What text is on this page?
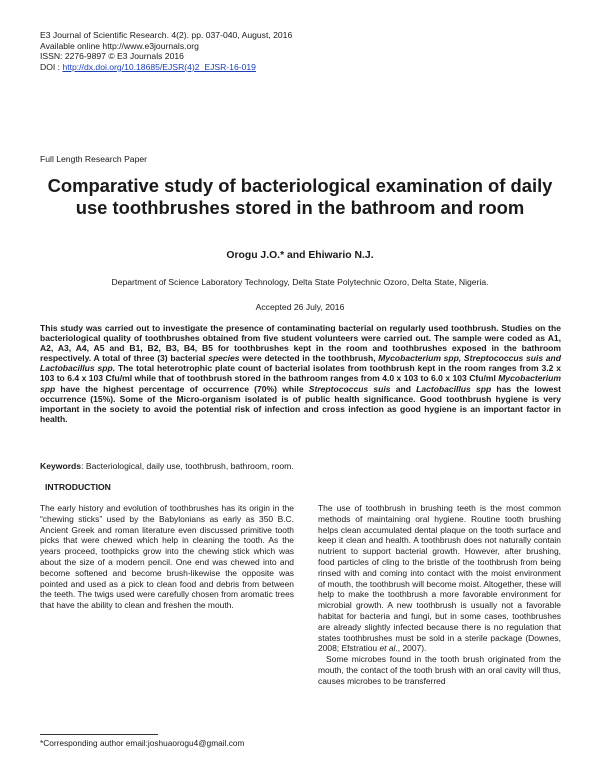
E3 Journal of Scientific Research. 4(2). pp. 037-040, August, 2016
Available online http://www.e3journals.org
ISSN: 2276-9897 © E3 Journals 2016
DOI : http://dx.doi.org/10.18685/EJSR(4)2_EJSR-16-019
Full Length Research Paper
Comparative study of bacteriological examination of daily use toothbrushes stored in the bathroom and room
Orogu J.O.* and Ehiwario N.J.
Department of Science Laboratory Technology, Delta State Polytechnic Ozoro, Delta State, Nigeria.
Accepted 26 July, 2016
This study was carried out to investigate the presence of contaminating bacterial on regularly used toothbrush. Studies on the bacteriological quality of toothbrushes obtained from five student volunteers were carried out. The sample were coded as A1, A2, A3, A4, A5 and B1, B2, B3, B4, B5 for toothbrushes kept in the room and toothbrushes exposed in the bathroom respectively. A total of three (3) bacterial species were detected in the toothbrush, Mycobacterium spp, Streptococcus suis and Lactobacillus spp. The total heterotrophic plate count of bacterial isolates from toothbrush kept in the room ranges from 3.2 x 103 to 6.4 x 103 Cfu/ml while that of toothbrush stored in the bathroom ranges from 4.0 x 103 to 6.0 x 103 Cfu/ml Mycobacterium spp have the highest percentage of occurrence (70%) while Streptococcus suis and Lactobacillus spp has the lowest occurrence (15%). Some of the Micro-organism isolated is of public health significance. Good toothbrush hygiene is very important in the society to avoid the potential risk of infection and cross infection as good hygiene is an important factor in health.
Keywords: Bacteriological, daily use, toothbrush, bathroom, room.
INTRODUCTION

The early history and evolution of toothbrushes has its origin in the “chewing sticks” used by the Babylonians as early as 350 B.C. Ancient Greek and roman literature even discussed primitive tooth picks that were chewed which help in cleaning the tooth. As the years proceed, toothpicks grow into the chewing stick which was about the size of a modern pencil. One end was chewed into and become softened and become brush-likewise the opposite was pointed and used as a pick to clean food and debris from between the teeth. The twigs used were carefully chosen from aromatic trees that have the ability to clean and freshen the mouth.

The use of toothbrush in brushing teeth is the most common methods of maintaining oral hygiene. Routine tooth brushing helps clean accumulated dental plaque on the tooth surface and keep it clean and health. A toothbrush does not naturally contain nutrient to support bacterial growth. However, after brushing, food particles of cling to the bristle of the toothbrush from being rinsed with and coming into contact with the moist environment of mouth, the toothbrush will become moist. Altogether, these will help to make the toothbrush a more favorable environment for microbial growth. A new toothbrush is usually not a favorable habitat for bacteria and fungi, but in some cases, toothbrushes are already slightly infected because there is no regulation that states toothbrushes must be sold in a sterile package (Downes, 2008; Efstratiou et al., 2007).

Some microbes found in the tooth brush originated from the mouth, the contact of the tooth brush with an oral cavity will thus, causes microbes to be transferred

*Corresponding author email:joshuaorogu4@gmail.com
